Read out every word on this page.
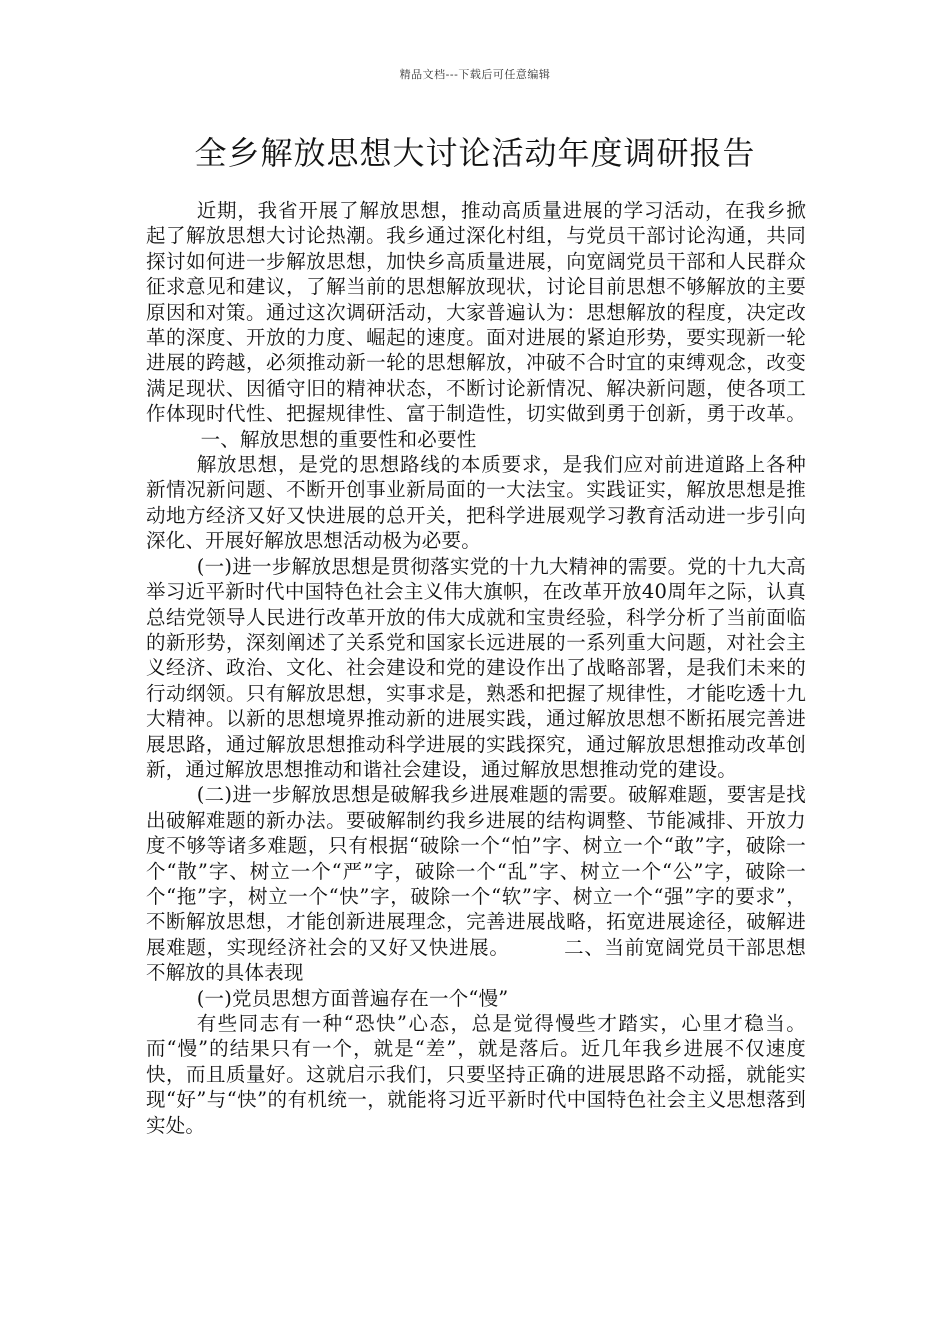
精品文档---下载后可任意编辑
全乡解放思想大讨论活动年度调研报告

近期，我省开展了解放思想，推动高质量进展的学习活动，在我乡掀起了解放思想大讨论热潮。我乡通过深化村组，与党员干部讨论沟通，共同探讨如何进一步解放思想，加快乡高质量进展，向宽阔党员干部和人民群众征求意见和建议，了解当前的思想解放现状，讨论目前思想不够解放的主要原因和对策。通过这次调研活动，大家普遍认为：思想解放的程度，决定改革的深度、开放的力度、崛起的速度。面对进展的紧迫形势，要实现新一轮进展的跨越，必须推动新一轮的思想解放，冲破不合时宜的束缚观念，改变满足现状、因循守旧的精神状态，不断讨论新情况、解决新问题，使各项工作体现时代性、把握规律性、富于制造性，切实做到勇于创新，勇于改革。一、解放思想的重要性和必要性

解放思想，是党的思想路线的本质要求，是我们应对前进道路上各种新情况新问题、不断开创事业新局面的一大法宝。实践证实，解放思想是推动地方经济又好又快进展的总开关，把科学进展观学习教育活动进一步引向深化、开展好解放思想活动极为必要。

(一)进一步解放思想是贯彻落实党的十九大精神的需要。党的十九大高举习近平新时代中国特色社会主义伟大旗帜，在改革开放40周年之际，认真总结党领导人民进行改革开放的伟大成就和宝贵经验，科学分析了当前面临的新形势，深刻阐述了关系党和国家长远进展的一系列重大问题，对社会主义经济、政治、文化、社会建设和党的建设作出了战略部署，是我们未来的行动纲领。只有解放思想，实事求是，熟悉和把握了规律性，才能吃透十九大精神。以新的思想境界推动新的进展实践，通过解放思想不断拓展完善进展思路，通过解放思想推动科学进展的实践探究，通过解放思想推动改革创新，通过解放思想推动和谐社会建设，通过解放思想推动党的建设。

(二)进一步解放思想是破解我乡进展难题的需要。破解难题，要害是找出破解难题的新办法。要破解制约我乡进展的结构调整、节能减排、开放力度不够等诸多难题，只有根据“破除一个“怕”字、树立一个“敢”字，破除一个“散”字、树立一个“严”字，破除一个“乱”字、树立一个“公”字，破除一个“拖”字，树立一个“快”字，破除一个“软”字、树立一个“强”字的要求”，不断解放思想，才能创新进展理念，完善进展战略，拓宽进展途径，破解进展难题，实现经济社会的又好又快进展。	二、当前宽阔党员干部思想不解放的具体表现

(一)党员思想方面普遍存在一个“慢”

有些同志有一种“恐快”心态，总是觉得慢些才踏实，心里才稳当。而“慢”的结果只有一个，就是“差”，就是落后。近几年我乡进展不仅速度快，而且质量好。这就启示我们，只要坚持正确的进展思路不动摇，就能实现“好”与“快”的有机统一，就能将习近平新时代中国特色社会主义思想落到实处。
